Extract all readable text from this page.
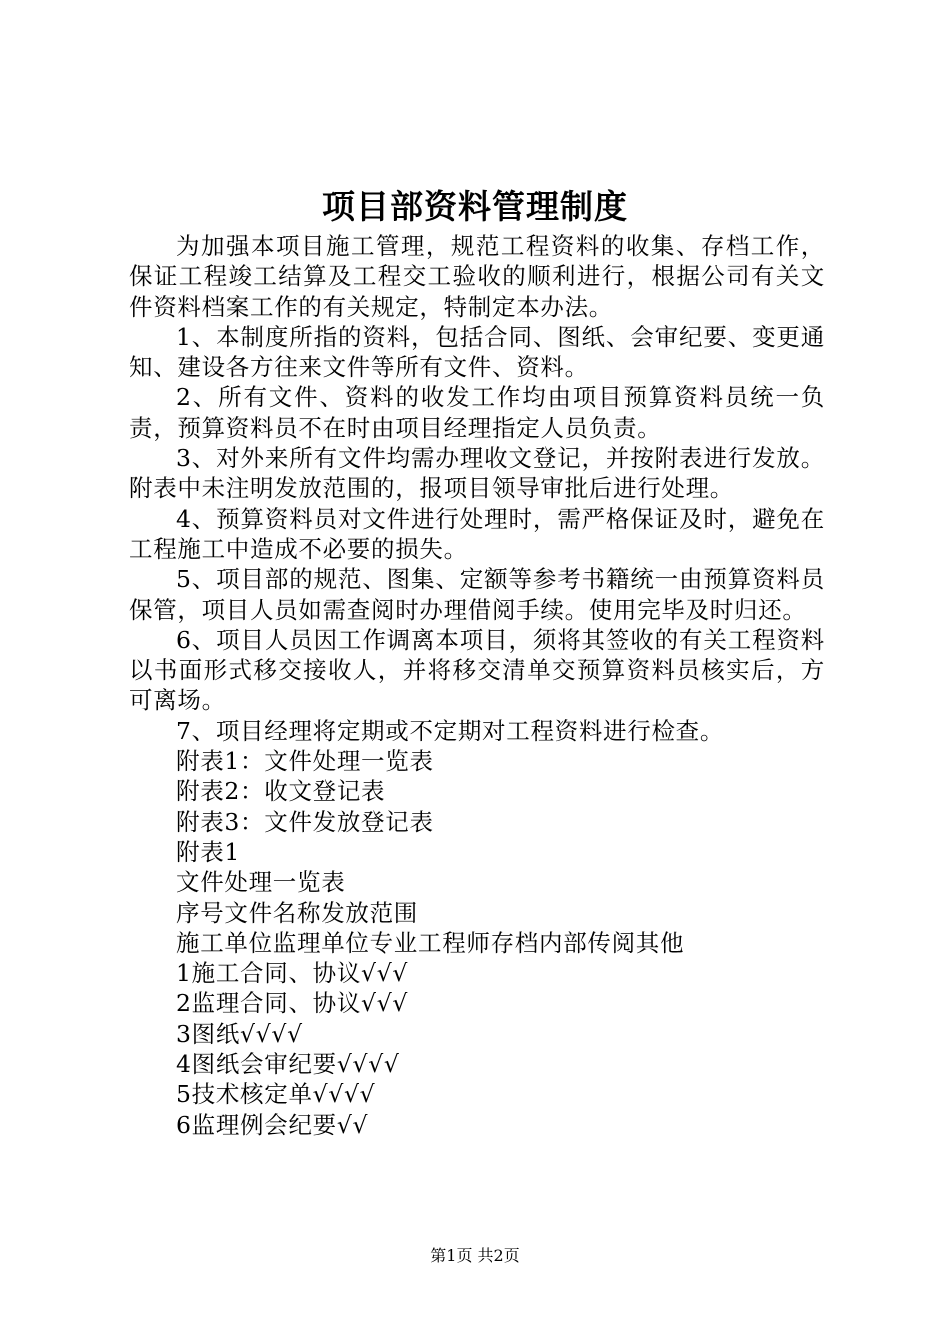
项目部资料管理制度

为加强本项目施工管理，规范工程资料的收集、存档工作，保证工程竣工结算及工程交工验收的顺利进行，根据公司有关文件资料档案工作的有关规定，特制定本办法。

1、本制度所指的资料，包括合同、图纸、会审纪要、变更通知、建设各方往来文件等所有文件、资料。

2、所有文件、资料的收发工作均由项目预算资料员统一负责，预算资料员不在时由项目经理指定人员负责。

3、对外来所有文件均需办理收文登记，并按附表进行发放。附表中未注明发放范围的，报项目领导审批后进行处理。

4、预算资料员对文件进行处理时，需严格保证及时，避免在工程施工中造成不必要的损失。

5、项目部的规范、图集、定额等参考书籍统一由预算资料员保管，项目人员如需查阅时办理借阅手续。使用完毕及时归还。

6、项目人员因工作调离本项目，须将其签收的有关工程资料以书面形式移交接收人，并将移交清单交预算资料员核实后，方可离场。

7、项目经理将定期或不定期对工程资料进行检查。

附表1：文件处理一览表

附表2：收文登记表

附表3：文件发放登记表

附表1

文件处理一览表

序号文件名称发放范围

施工单位监理单位专业工程师存档内部传阅其他

1施工合同、协议√√√

2监理合同、协议√√√

3图纸√√√√

4图纸会审纪要√√√√

5技术核定单√√√√

6监理例会纪要√√

第1页 共2页
